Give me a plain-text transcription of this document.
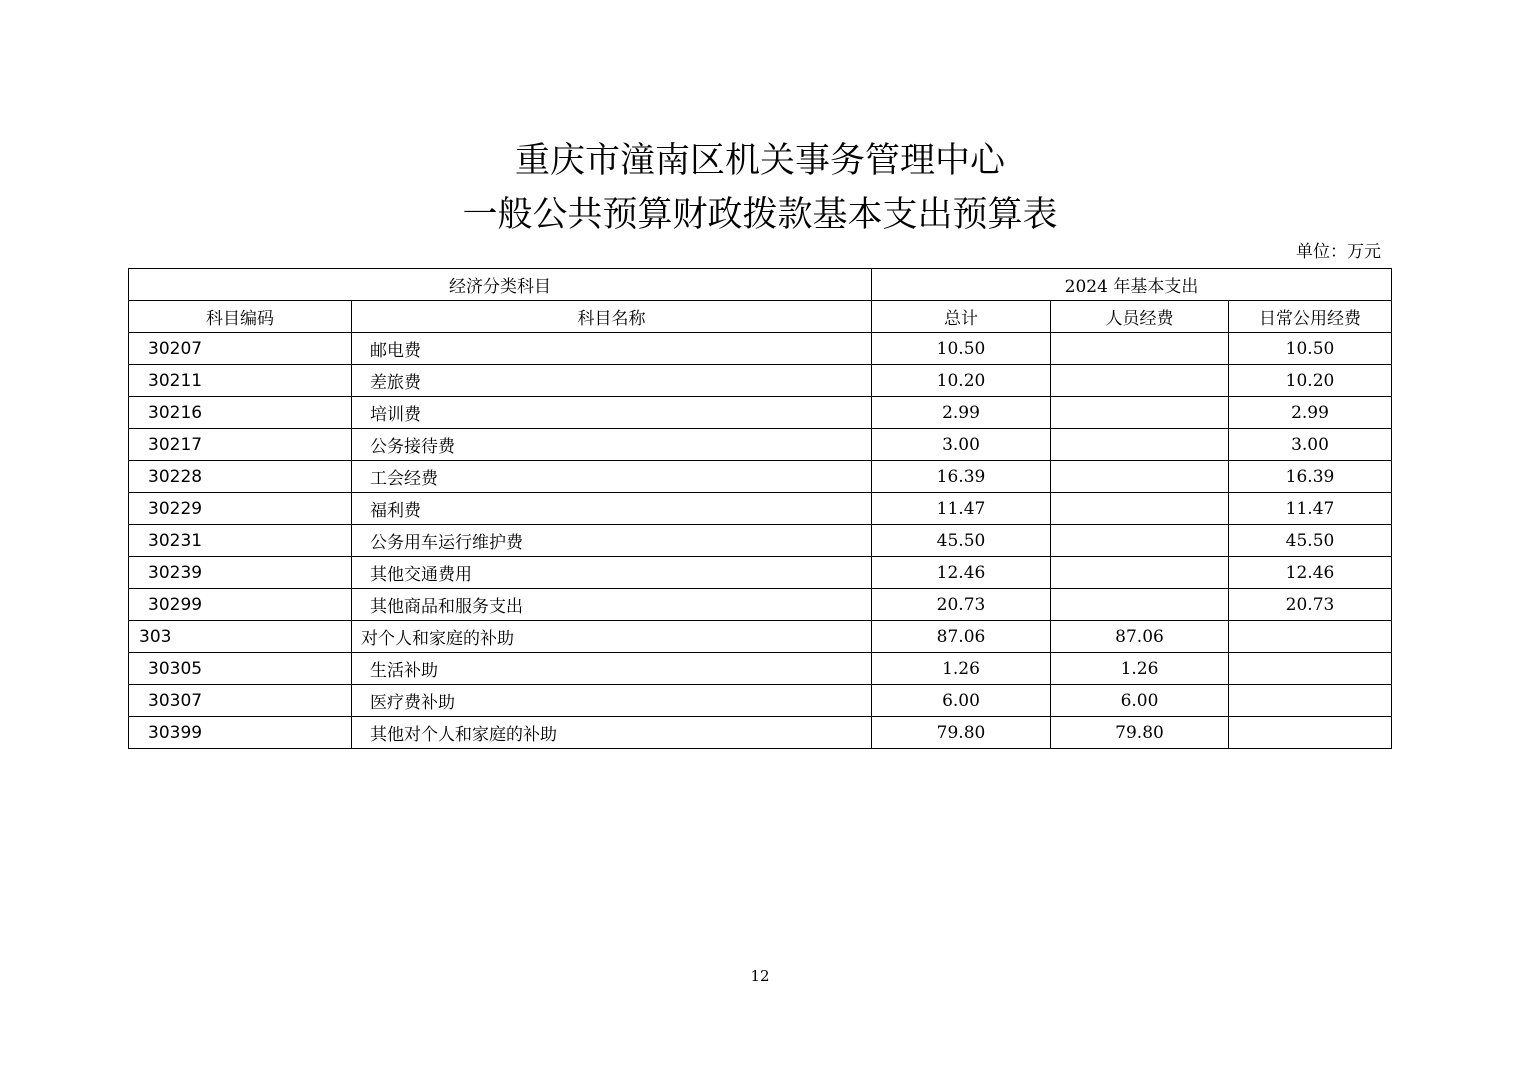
重庆市潼南区机关事务管理中心
一般公共预算财政拨款基本支出预算表
单位：万元
经济分类科目		2024 年基本支出		
科目编码	科目名称	总计	人员经费	日常公用经费
30207	邮电费	10.50		10.50
30211	差旅费	10.20		10.20
30216	培训费	2.99		2.99
30217	公务接待费	3.00		3.00
30228	工会经费	16.39		16.39
30229	福利费	11.47		11.47
30231	公务用车运行维护费	45.50		45.50
30239	其他交通费用	12.46		12.46
30299	其他商品和服务支出	20.73		20.73
303	对个人和家庭的补助	87.06	87.06	
30305	生活补助	1.26	1.26	
30307	医疗费补助	6.00	6.00	
30399	其他对个人和家庭的补助	79.80	79.80	
12
